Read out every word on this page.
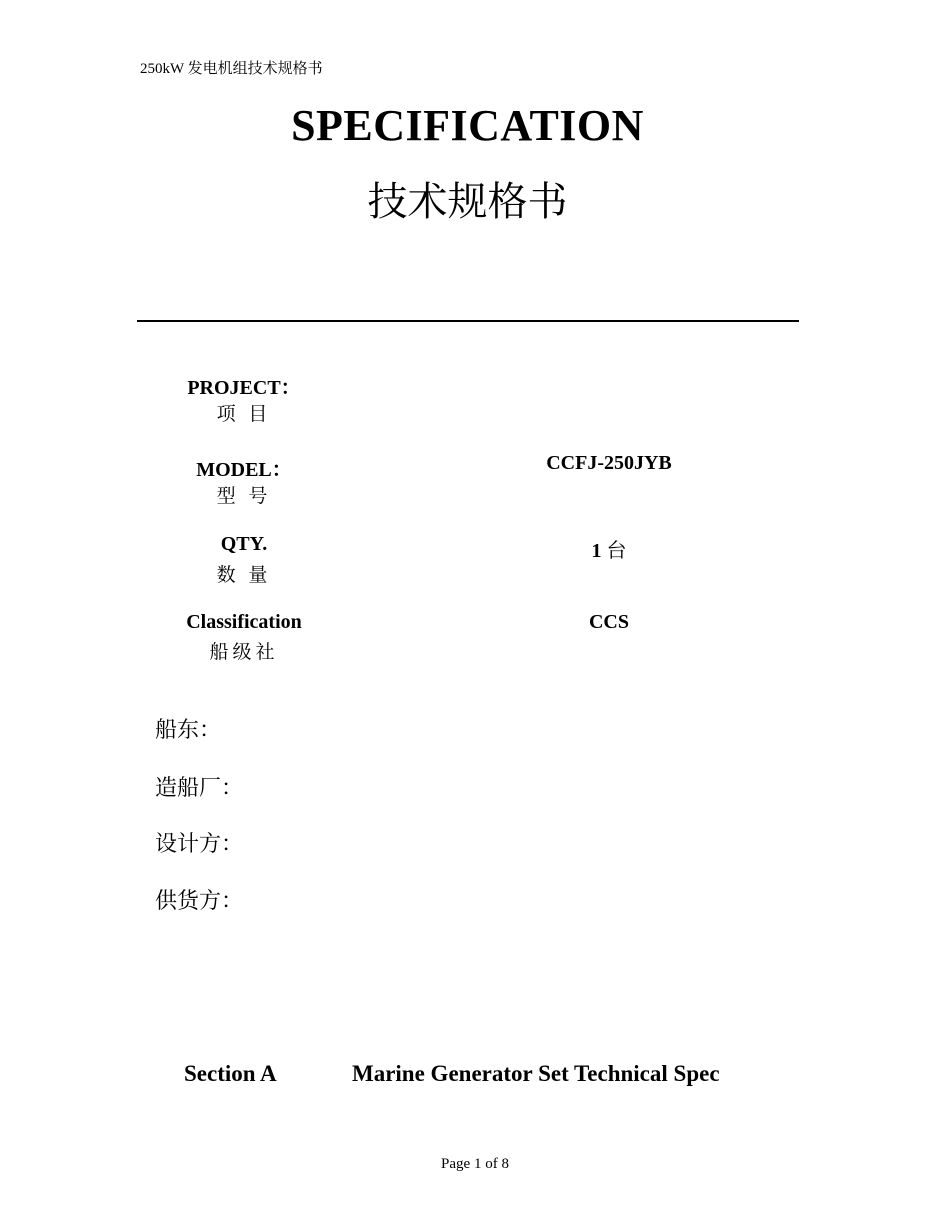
250kW 发电机组技术规格书
SPECIFICATION
技术规格书
PROJECT：
项 目
MODEL：
型 号
CCFJ-250JYB
QTY.
数 量
1 台
Classification
船级社
CCS
船东：
造船厂：
设计方：
供货方：
Section A	Marine Generator Set Technical Spec
Page 1 of 8
